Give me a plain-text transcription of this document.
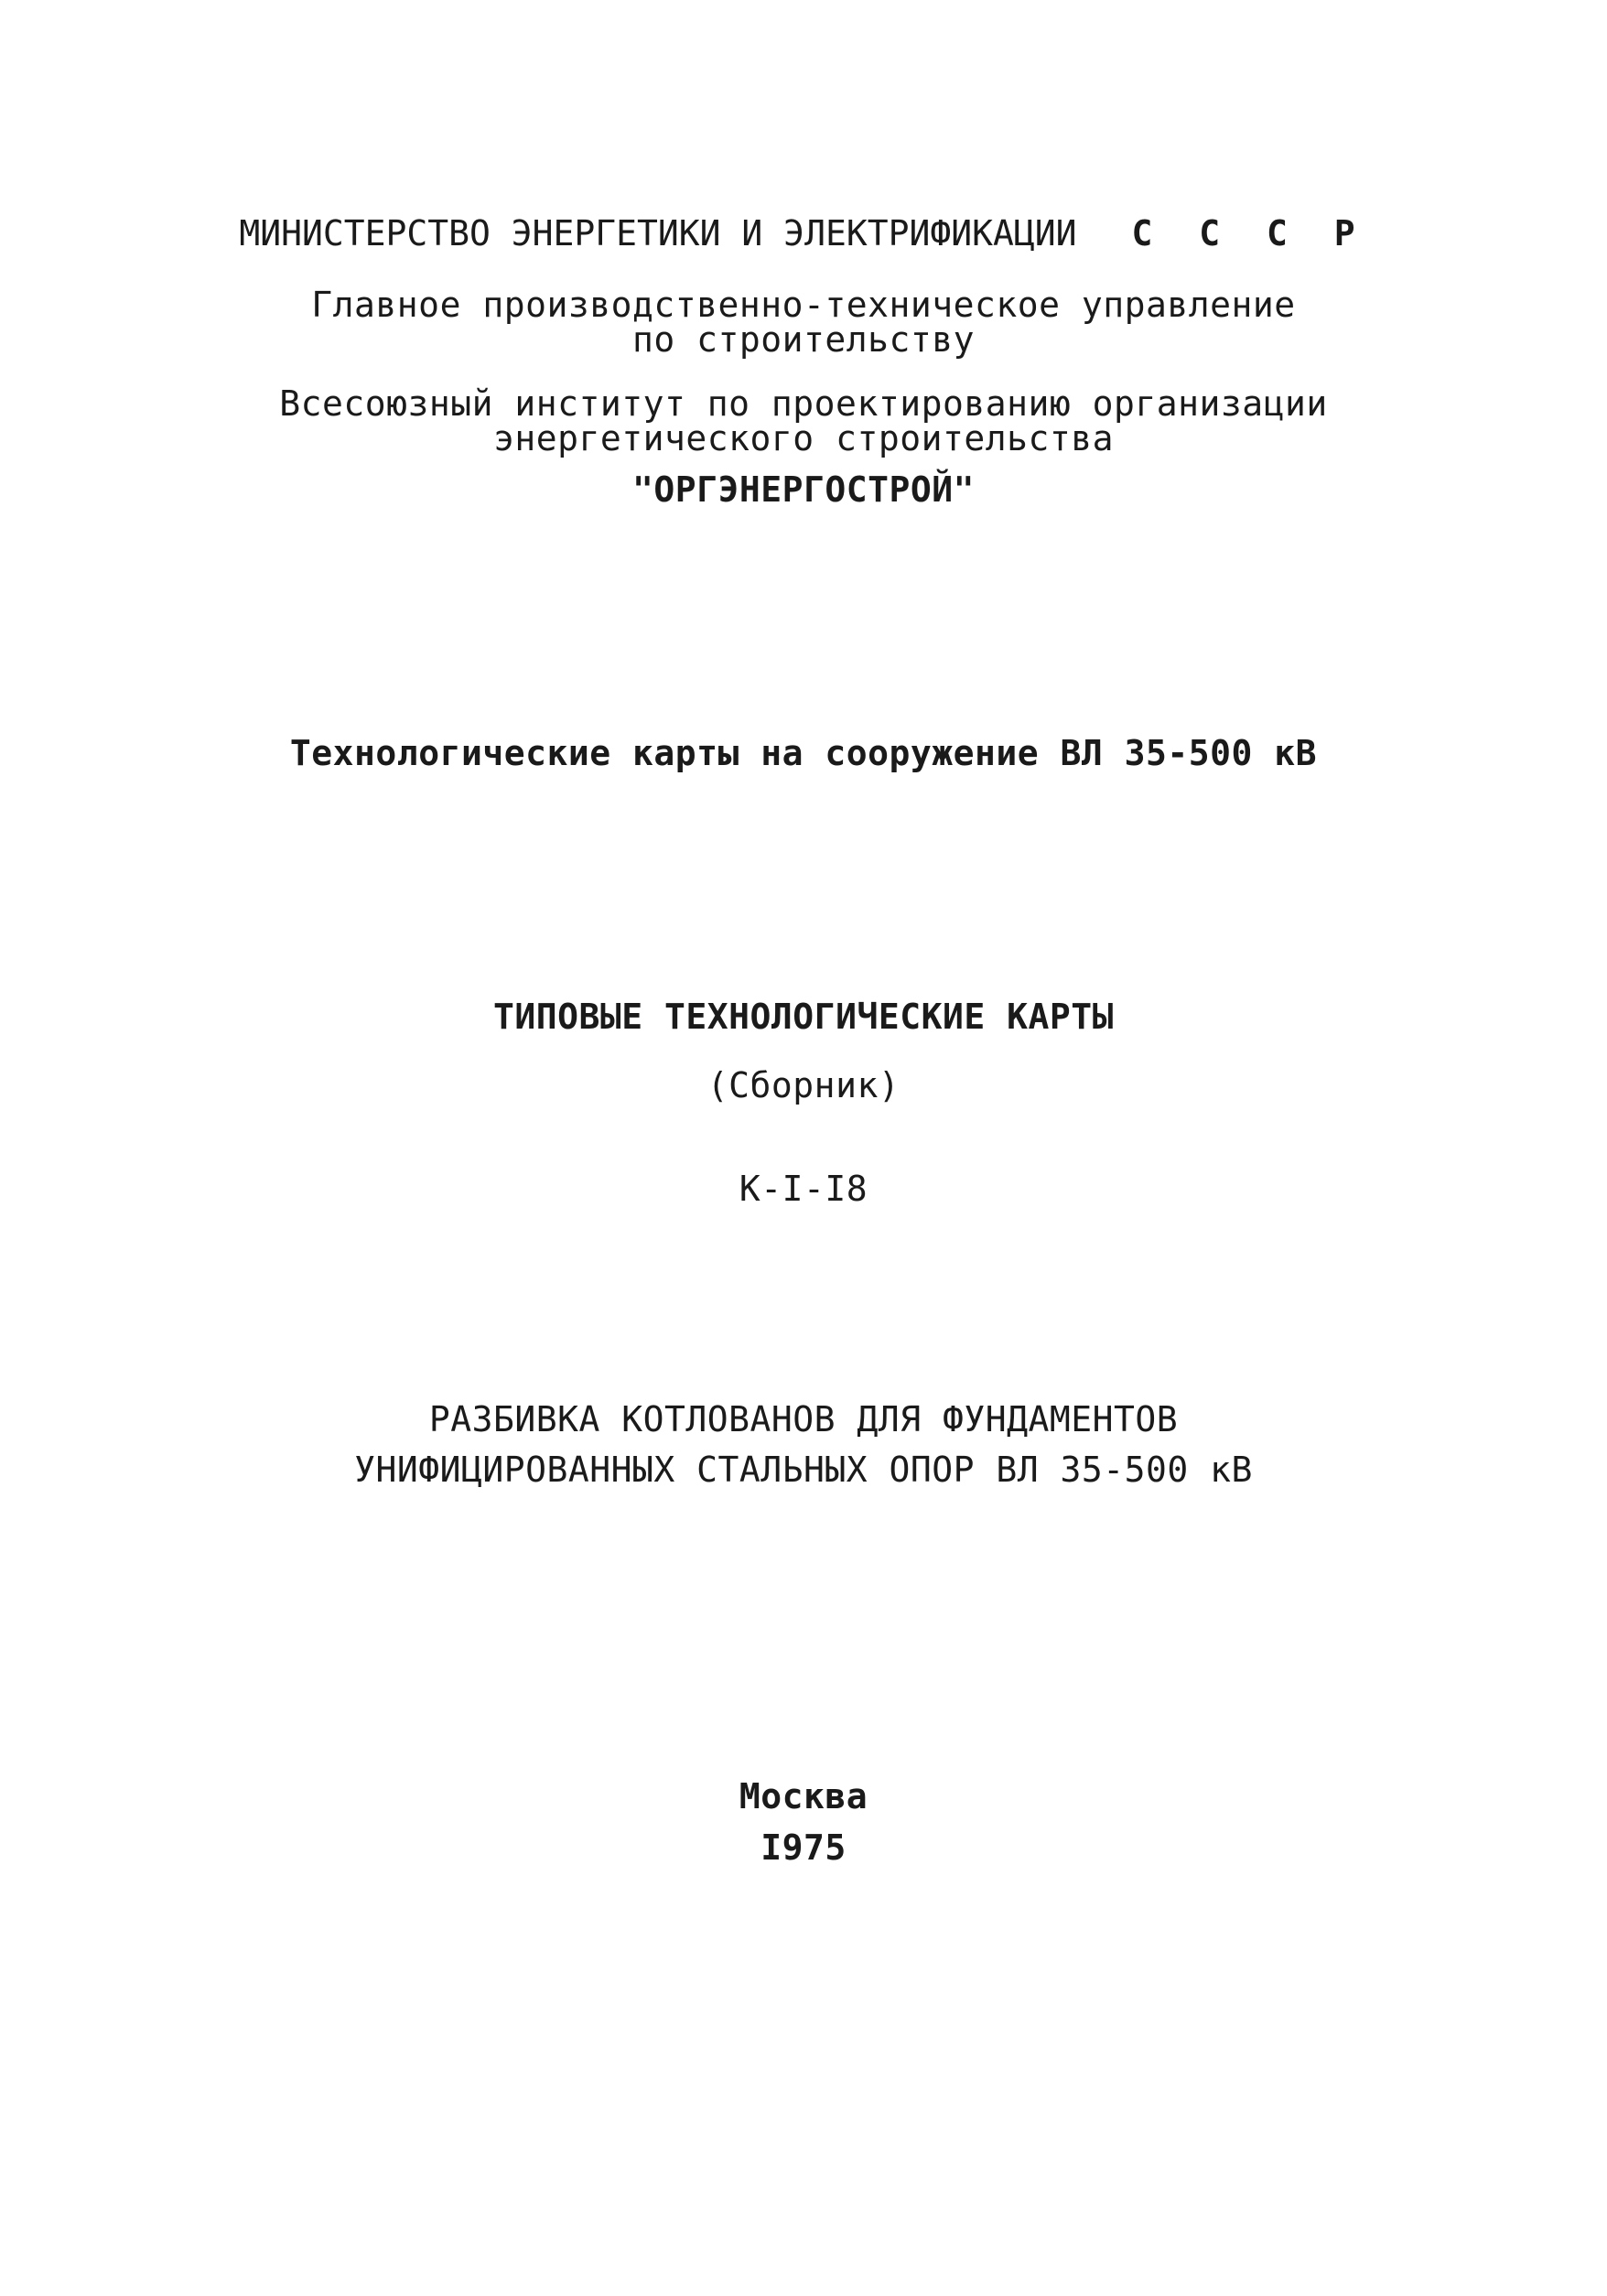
МИНИСТЕРСТВО ЭНЕРГЕТИКИ И ЭЛЕКТРИФИКАЦИИ С С С Р
Главное производственно-техническое управление
по строительству
Всесоюзный институт по проектированию организации
энергетического строительства
"ОРГЭНЕРГОСТРОЙ"
Технологические карты на сооружение ВЛ 35-500 кВ
ТИПОВЫЕ ТЕХНОЛОГИЧЕСКИЕ КАРТЫ
(Сборник)
К-I-I8
РАЗБИВКА КОТЛОВАНОВ ДЛЯ ФУНДАМЕНТОВ
УНИФИЦИРОВАННЫХ СТАЛЬНЫХ ОПОР ВЛ 35-500 кВ
Москва
I975
